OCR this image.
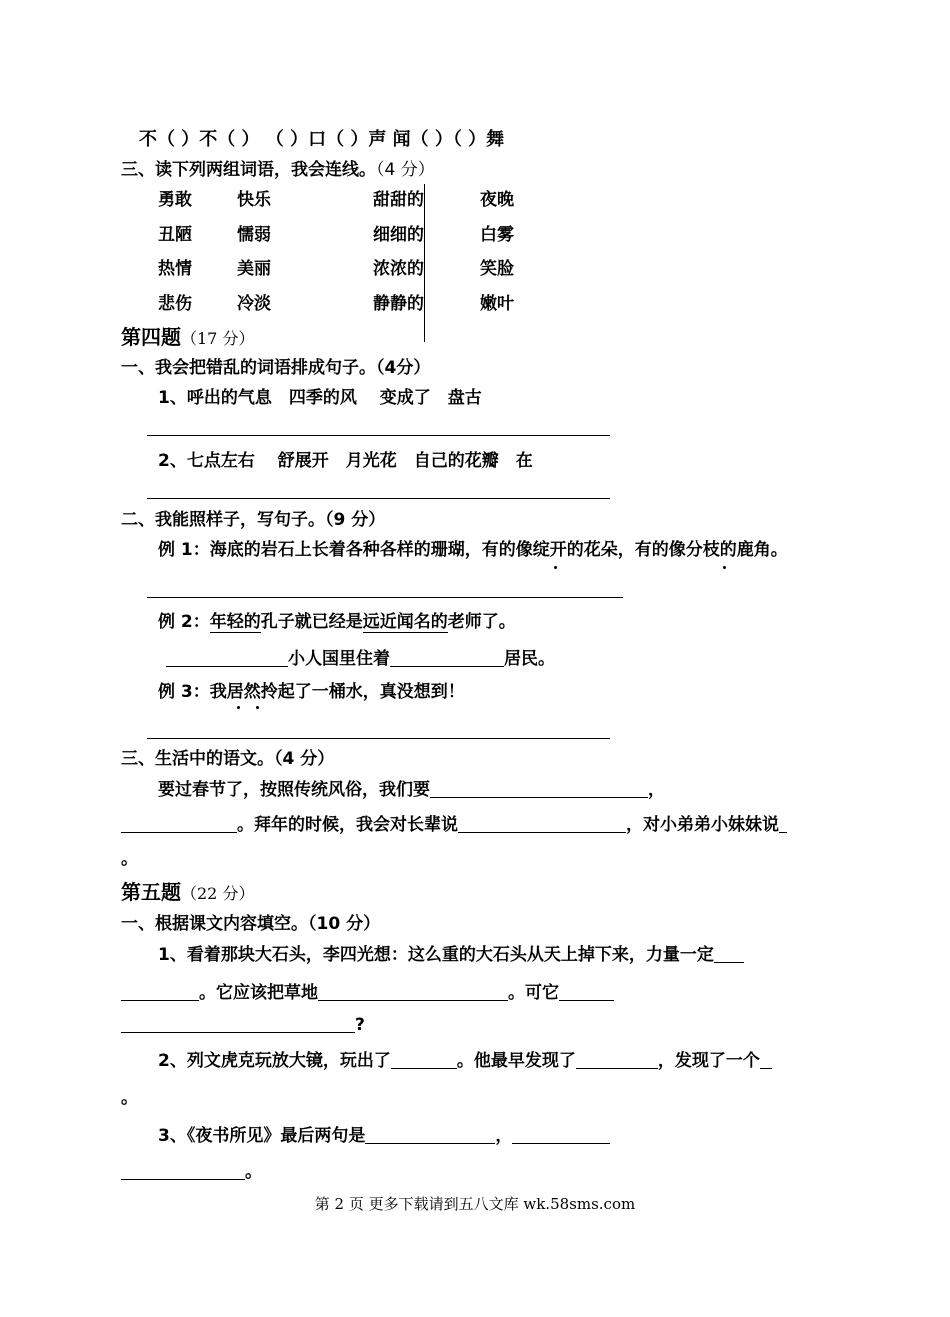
不（ ）不（ ） （ ）口（ ）声 闻（ ）（ ）舞
三、读下列两组词语，我会连线。（4 分）
勇敢	快乐	甜甜的	夜晚
丑陋	懦弱	细细的	白雾
热情	美丽	浓浓的	笑脸
悲伤	冷淡	静静的	嫩叶
第四题（17 分）
一、我会把错乱的词语排成句子。（4分）
1、呼出的气息　四季的风　 变成了　盘古
2、七点左右　 舒展开　月光花　自己的花瓣　在
二、我能照样子，写句子。（9 分）
例 1：海底的岩石上长着各种各样的珊瑚，有的像绽开的花朵，有的像分枝的鹿角。
例 2：年轻的孔子就已经是远近闻名的老师了。
小人国里住着	居民。
例 3：我居然拎起了一桶水，真没想到！
三、生活中的语文。（4 分）
要过春节了，按照传统风俗，我们要	，
。拜年的时候，我会对长辈说	，对小弟弟小妹妹说
。
第五题（22 分）
一、根据课文内容填空。（10 分）
1、看着那块大石头，李四光想：这么重的大石头从天上掉下来，力量一定
。它应该把草地	。可它
?
2、列文虎克玩放大镜，玩出了	。他最早发现了	，发现了一个
。
3、《夜书所见》最后两句是	，
。
第 2 页 更多下载请到五八文库 wk.58sms.com
